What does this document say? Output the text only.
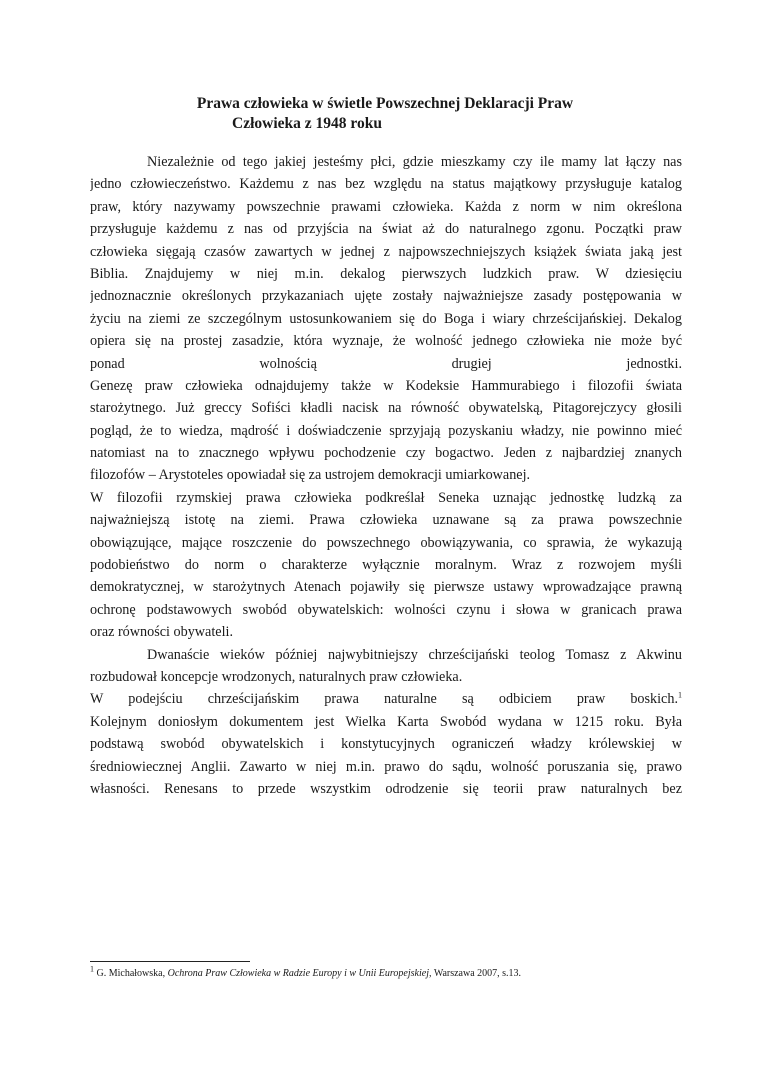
Prawa człowieka w świetle Powszechnej Deklaracji Praw
Człowieka z 1948 roku
Niezależnie od tego jakiej jesteśmy płci, gdzie mieszkamy czy ile mamy lat łączy nas
jedno człowieczeństwo. Każdemu z nas bez względu na status majątkowy przysługuje katalog
praw, który nazywamy powszechnie prawami człowieka. Każda z norm w nim określona
przysługuje każdemu z nas od przyjścia na świat aż do naturalnego zgonu. Początki praw
człowieka sięgają czasów zawartych w jednej z najpowszechniejszych książek świata jaką jest
Biblia. Znajdujemy w niej m.in. dekalog pierwszych ludzkich praw. W dziesięciu
jednoznacznie określonych przykazaniach ujęte zostały najważniejsze zasady postępowania w
życiu na ziemi ze szczególnym ustosunkowaniem się do Boga i wiary chrześcijańskiej. Dekalog
opiera się na prostej zasadzie, która wyznaje, że wolność jednego człowieka nie może być
ponad wolnością drugiej jednostki.
Genezę praw człowieka odnajdujemy także w Kodeksie Hammurabiego i filozofii świata
starożytnego. Już greccy Sofiści kładli nacisk na równość obywatelską, Pitagorejczycy głosili
pogląd, że to wiedza, mądrość i doświadczenie sprzyjają pozyskaniu władzy, nie powinno mieć
natomiast na to znacznego wpływu pochodzenie czy bogactwo. Jeden z najbardziej znanych
filozofów – Arystoteles opowiadał się za ustrojem demokracji umiarkowanej.
W filozofii rzymskiej prawa człowieka podkreślał Seneka uznając jednostkę ludzką za
najważniejszą istotę na ziemi. Prawa człowieka uznawane są za prawa powszechnie
obowiązujące, mające roszczenie do powszechnego obowiązywania, co sprawia, że wykazują
podobieństwo do norm o charakterze wyłącznie moralnym. Wraz z rozwojem myśli
demokratycznej, w starożytnych Atenach pojawiły się pierwsze ustawy wprowadzające prawną
ochronę podstawowych swobód obywatelskich: wolności czynu i słowa w granicach prawa
oraz równości obywateli.
Dwanaście wieków później najwybitniejszy chrześcijański teolog Tomasz z Akwinu
rozbudował koncepcje wrodzonych, naturalnych praw człowieka.
W podejściu chrześcijańskim prawa naturalne są odbiciem praw boskich.$^1$
Kolejnym doniosłym dokumentem jest Wielka Karta Swobód wydana w 1215 roku. Była
podstawą swobód obywatelskich i konstytucyjnych ograniczeń władzy królewskiej w
średniowiecznej Anglii. Zawarto w niej m.in. prawo do sądu, wolność poruszania się, prawo
własności. Renesans to przede wszystkim odrodzenie się teorii praw naturalnych bez
$^1$ G. Michałowska, Ochrona Praw Człowieka w Radzie Europy i w Unii Europejskiej, Warszawa 2007, s.13.
